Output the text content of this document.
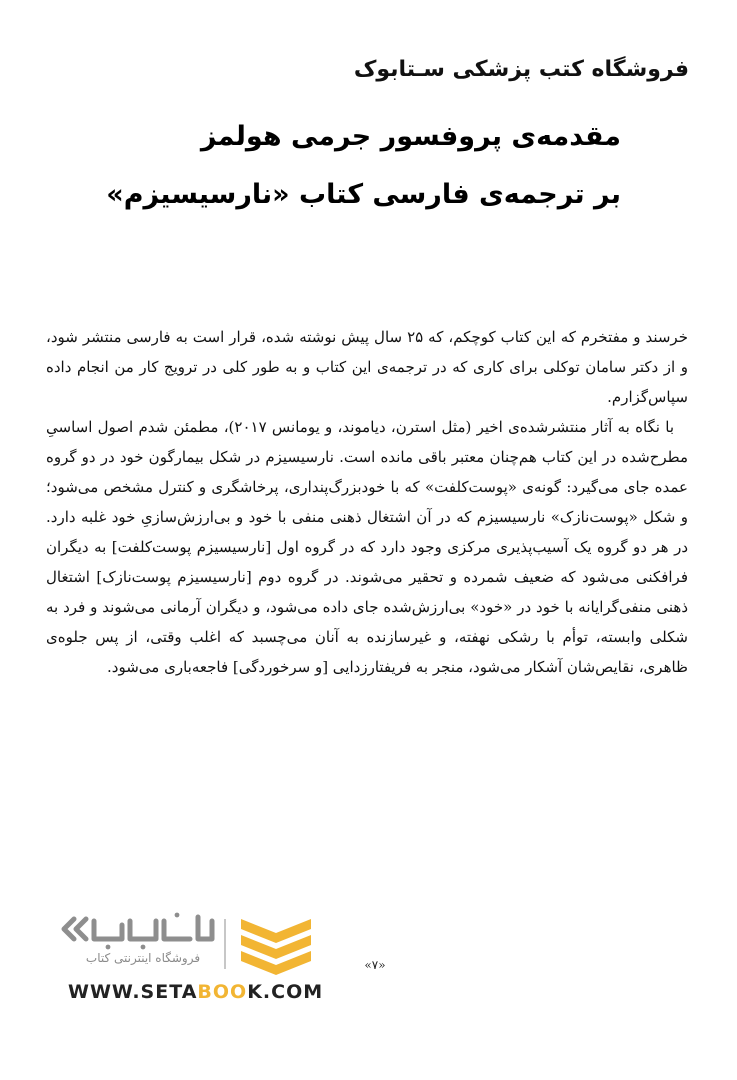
فروشگاه کتب پزشکی سـتابوک
مقدمه‌ی پروفسور جرمی هولمز
بر ترجمه‌ی فارسی کتاب «نارسیسیزم»

خرسند و مفتخرم که این کتاب کوچکم، که ۲۵ سال پیش نوشته شده، قرار است به فارسی منتشر شود، و از دکتر سامان توکلی برای کاری که در ترجمه‌ی این کتاب و به طور کلی در ترویج کار من انجام داده سپاس‌گزارم.

با نگاه به آثار منتشرشده‌ی اخیر (مثل استرن، دیاموند، و یومانس ۲۰۱۷)، مطمئن شدم اصول اساسیِ مطرح‌شده در این کتاب هم‌چنان معتبر باقی مانده است. نارسیسیزم در شکل بیمارگون خود در دو گروه عمده جای می‌گیرد: گونه‌ی «پوست‌کلفت» که با خودبزرگ‌پنداری، پرخاشگری و کنترل مشخص می‌شود؛ و شکل «پوست‌نازک» نارسیسیزم که در آن اشتغال ذهنی منفی با خود و بی‌ارزش‌سازیِ خود غلبه دارد. در هر دو گروه یک آسیب‌پذیری مرکزی وجود دارد که در گروه اول [نارسیسیزم پوست‌کلفت] به دیگران فرافکنی می‌شود که ضعیف شمرده و تحقیر می‌شوند. در گروه دوم [نارسیسیزم پوست‌نازک] اشتغال ذهنی منفی‌گرایانه با خود در «خود» بی‌ارزش‌شده جای داده می‌شود، و دیگران آرمانی می‌شوند و فرد به شکلی وابسته، توأم با رشکی نهفته، و غیرسازنده به آنان می‌چسبد که اغلب وقتی، از پس جلوه‌ی ظاهری، نقایص‌شان آشکار می‌شود، منجر به فریفتارزدایی [و سرخوردگی] فاجعه‌باری می‌شود.

«۷»
فروشگاه اینترنتی کتاب
WWW.SETABOOK.COM
